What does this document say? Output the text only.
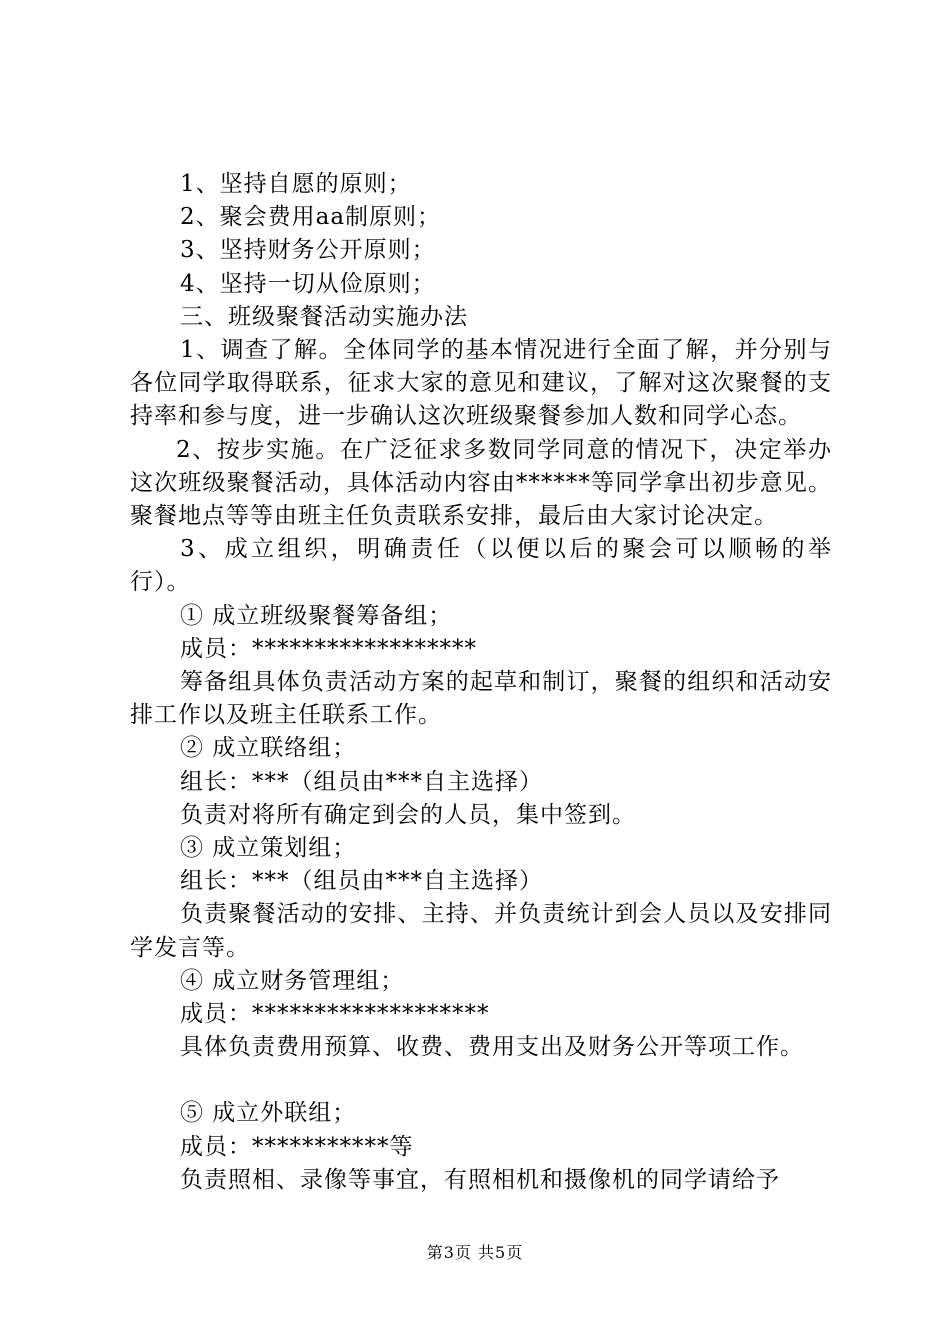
1、坚持自愿的原则；

2、聚会费用aa制原则；

3、坚持财务公开原则；

4、坚持一切从俭原则；

三、班级聚餐活动实施办法

1、调查了解。全体同学的基本情况进行全面了解，并分别与各位同学取得联系，征求大家的意见和建议，了解对这次聚餐的支持率和参与度，进一步确认这次班级聚餐参加人数和同学心态。

2、按步实施。在广泛征求多数同学同意的情况下，决定举办这次班级聚餐活动，具体活动内容由******等同学拿出初步意见。聚餐地点等等由班主任负责联系安排，最后由大家讨论决定。

3、成立组织，明确责任（以便以后的聚会可以顺畅的举行）。

① 成立班级聚餐筹备组；

成员：******************

筹备组具体负责活动方案的起草和制订，聚餐的组织和活动安排工作以及班主任联系工作。

② 成立联络组；

组长：***（组员由***自主选择）

负责对将所有确定到会的人员，集中签到。

③ 成立策划组；

组长：***（组员由***自主选择）

负责聚餐活动的安排、主持、并负责统计到会人员以及安排同学发言等。

④ 成立财务管理组；

成员：*******************

具体负责费用预算、收费、费用支出及财务公开等项工作。

⑤ 成立外联组；

成员：***********等

负责照相、录像等事宜，有照相机和摄像机的同学请给予

第3页 共5页
